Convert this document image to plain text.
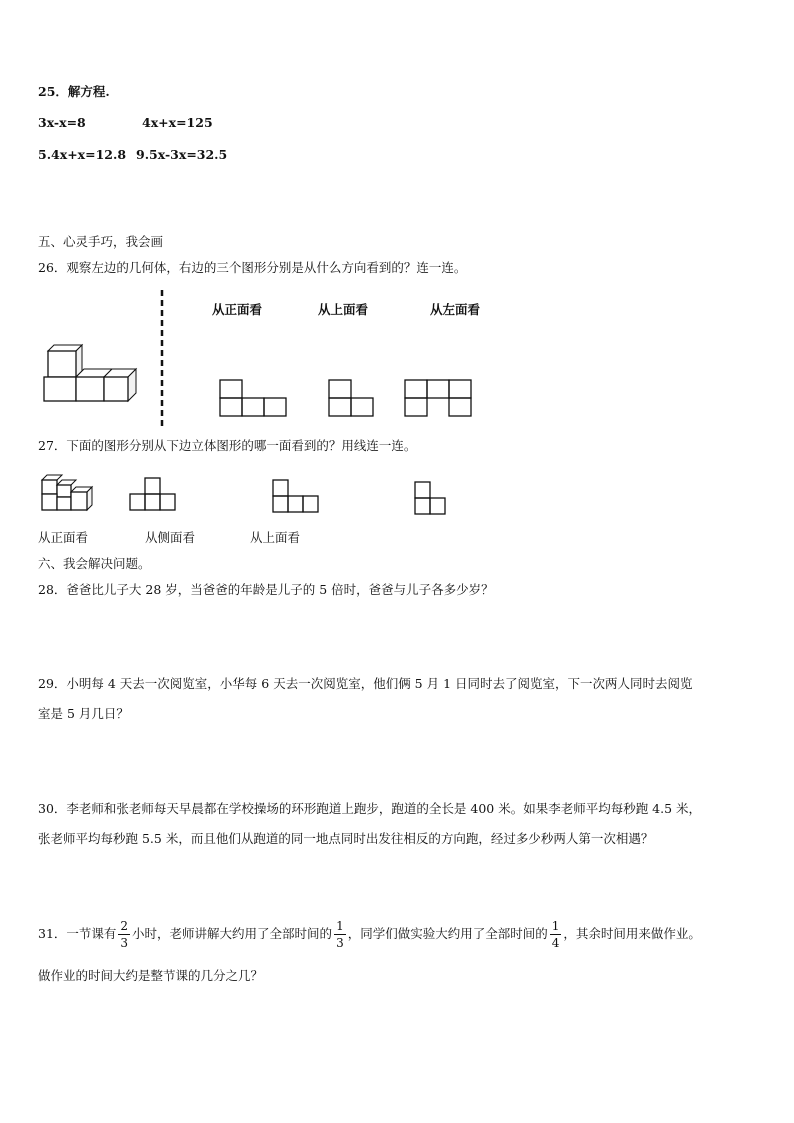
25．解方程.
3x-x=8	4x+x=125
5.4x+x=12.8 9.5x-3x=32.5
五、心灵手巧，我会画
26．观察左边的几何体，右边的三个图形分别是从什么方向看到的？连一连。
从正面看	从上面看	从左面看
27．下面的图形分别从下边立体图形的哪一面看到的？用线连一连。
从正面看	从侧面看	从上面看
六、我会解决问题。
28．爸爸比儿子大 28 岁，当爸爸的年龄是儿子的 5 倍时，爸爸与儿子各多少岁？
29．小明每 4 天去一次阅览室，小华每 6 天去一次阅览室，他们俩 5 月 1 日同时去了阅览室，下一次两人同时去阅览
室是 5 月几日？
30．李老师和张老师每天早晨都在学校操场的环形跑道上跑步，跑道的全长是 400 米。如果李老师平均每秒跑 4.5 米，
张老师平均每秒跑 5.5 米，而且他们从跑道的同一地点同时出发往相反的方向跑，经过多少秒两人第一次相遇？
31．一节课有 $\frac{2}{3}$ 小时，老师讲解大约用了全部时间的 $\frac{1}{3}$ ，同学们做实验大约用了全部时间的 $\frac{1}{4}$ ，其余时间用来做作业。
做作业的时间大约是整节课的几分之几？
